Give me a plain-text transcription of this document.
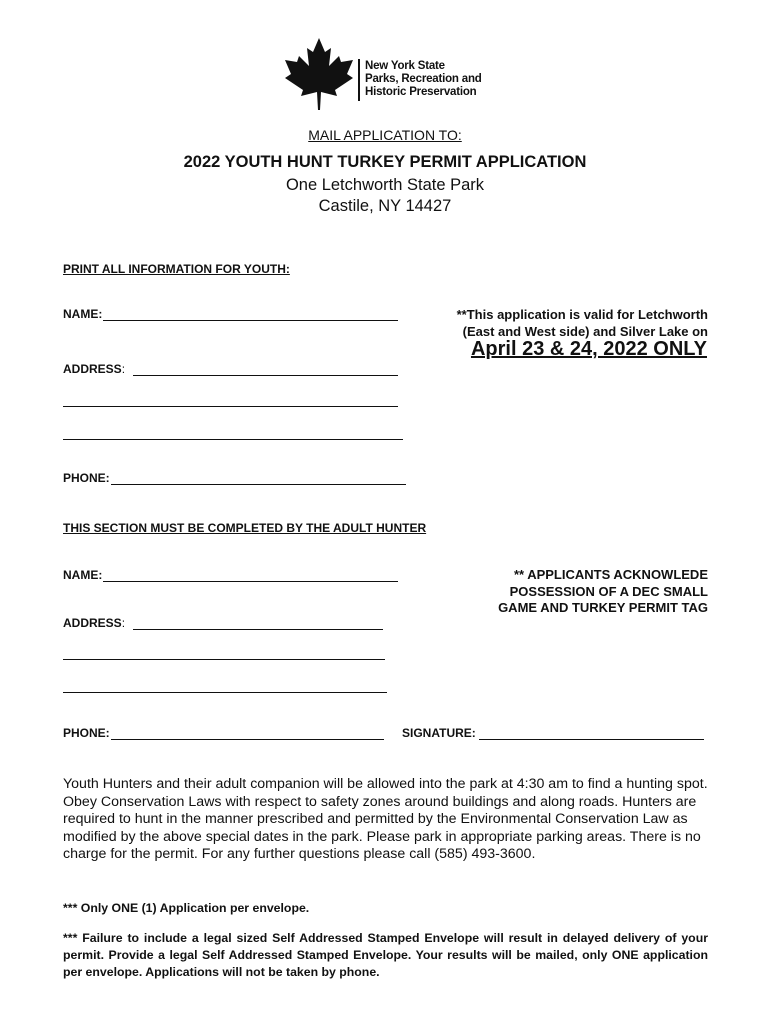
New York State
Parks, Recreation and
Historic Preservation
MAIL APPLICATION TO:
2022 YOUTH HUNT TURKEY PERMIT APPLICATION
One Letchworth State Park
Castile, NY 14427
PRINT ALL INFORMATION FOR YOUTH:
NAME:
ADDRESS:
PHONE:
**This application is valid for Letchworth
(East and West side) and Silver Lake on
April 23 & 24, 2022 ONLY
THIS SECTION MUST BE COMPLETED BY THE ADULT HUNTER
NAME:
ADDRESS:
PHONE:	SIGNATURE:
** APPLICANTS ACKNOWLEDE
POSSESSION OF A DEC SMALL
GAME AND TURKEY PERMIT TAG
Youth Hunters and their adult companion will be allowed into the park at 4:30 am to find a hunting spot. Obey Conservation Laws with respect to safety zones around buildings and along roads. Hunters are required to hunt in the manner prescribed and permitted by the Environmental Conservation Law as modified by the above special dates in the park. Please park in appropriate parking areas. There is no charge for the permit. For any further questions please call (585) 493-3600.
*** Only ONE (1) Application per envelope.
*** Failure to include a legal sized Self Addressed Stamped Envelope will result in delayed delivery of your permit. Provide a legal Self Addressed Stamped Envelope. Your results will be mailed, only ONE application per envelope. Applications will not be taken by phone.
